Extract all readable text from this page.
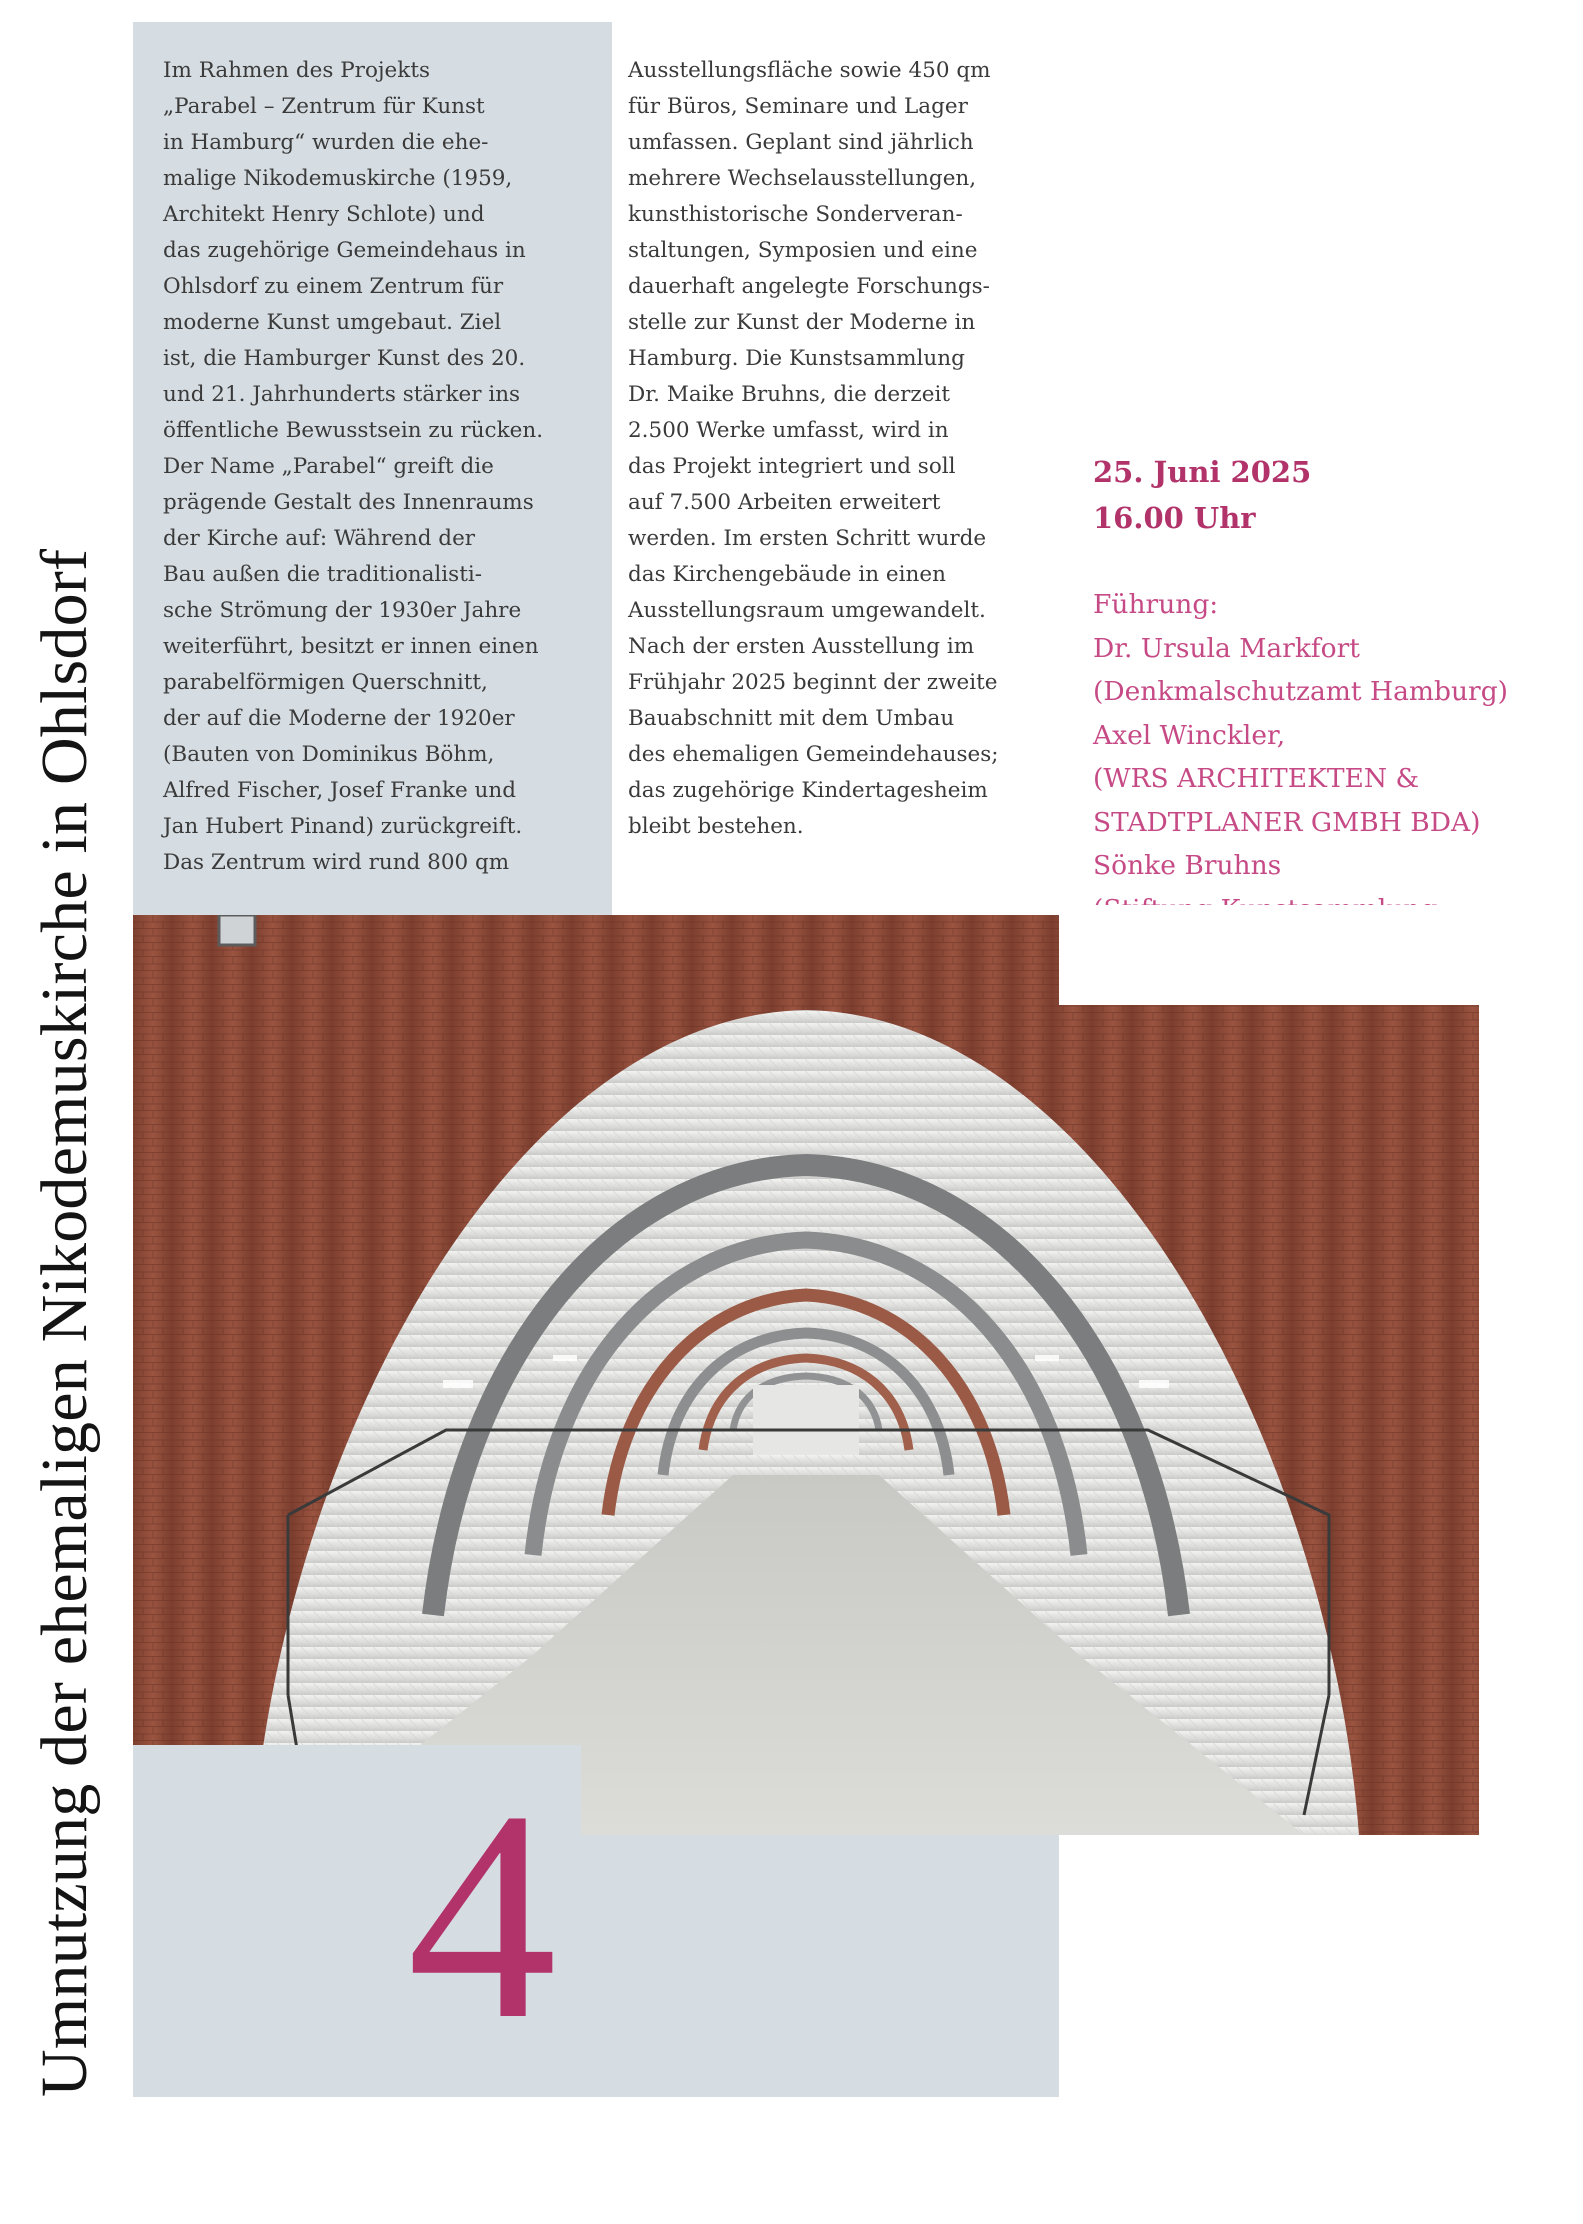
Umnutzung der ehemaligen Nikodemuskirche in Ohlsdorf
Im Rahmen des Projekts
„Parabel – Zentrum für Kunst
in Hamburg“ wurden die ehe-
malige Nikodemuskirche (1959,
Architekt Henry Schlote) und
das zugehörige Gemeindehaus in
Ohlsdorf zu einem Zentrum für
moderne Kunst umgebaut. Ziel
ist, die Hamburger Kunst des 20.
und 21. Jahrhunderts stärker ins
öffentliche Bewusstsein zu rücken.
Der Name „Parabel“ greift die
prägende Gestalt des Innenraums
der Kirche auf: Während der
Bau außen die traditionalisti-
sche Strömung der 1930er Jahre
weiterführt, besitzt er innen einen
parabelförmigen Querschnitt,
der auf die Moderne der 1920er
(Bauten von Dominikus Böhm,
Alfred Fischer, Josef Franke und
Jan Hubert Pinand) zurückgreift.
Das Zentrum wird rund 800 qm
Ausstellungsfläche sowie 450 qm
für Büros, Seminare und Lager
umfassen. Geplant sind jährlich
mehrere Wechselausstellungen,
kunsthistorische Sonderveran-
staltungen, Symposien und eine
dauerhaft angelegte Forschungs-
stelle zur Kunst der Moderne in
Hamburg. Die Kunstsammlung
Dr. Maike Bruhns, die derzeit
2.500 Werke umfasst, wird in
das Projekt integriert und soll
auf 7.500 Arbeiten erweitert
werden. Im ersten Schritt wurde
das Kirchengebäude in einen
Ausstellungsraum umgewandelt.
Nach der ersten Ausstellung im
Frühjahr 2025 beginnt der zweite
Bauabschnitt mit dem Umbau
des ehemaligen Gemeindehauses;
das zugehörige Kindertagesheim
bleibt bestehen.
25. Juni 2025
16.00 Uhr
Führung:
Dr. Ursula Markfort
(Denkmalschutzamt Hamburg)
Axel Winckler,
(WRS ARCHITEKTEN &
STADTPLANER GMBH BDA)
Sönke Bruhns
4
